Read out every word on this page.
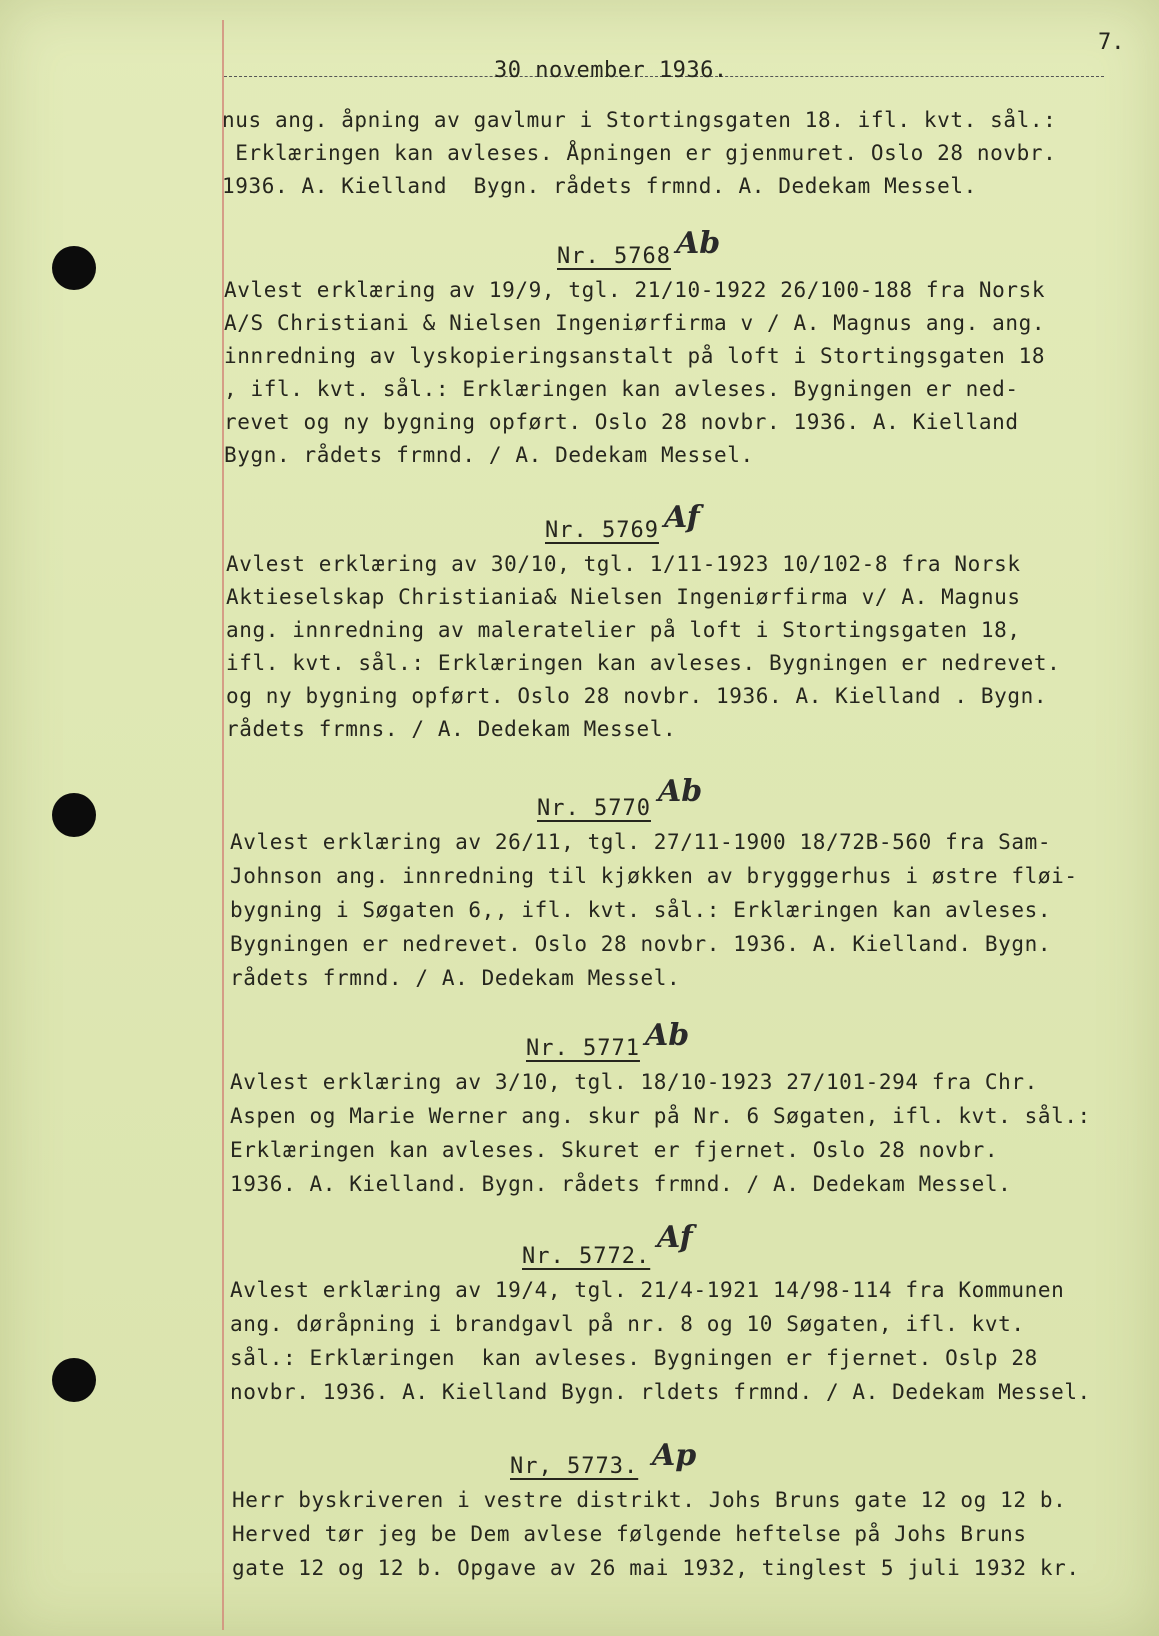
30 november 1936.
7.
nus ang. åpning av gavlmur i Stortingsgaten 18. ifl. kvt. sål.:
Erklæringen kan avleses. Åpningen er gjenmuret. Oslo 28 novbr.
1936. A. Kielland  Bygn. rådets frmnd. A. Dedekam Messel.
Nr. 5768 Ab
Avlest erklæring av 19/9, tgl. 21/10-1922 26/100-188 fra Norsk
A/S Christiani & Nielsen Ingeniørfirma v / A. Magnus ang. ang.
innredning av lyskopieringsanstalt på loft i Stortingsgaten 18
, ifl. kvt. sål.: Erklæringen kan avleses. Bygningen er ned-
revet og ny bygning opført. Oslo 28 novbr. 1936. A. Kielland
Bygn. rådets frmnd. / A. Dedekam Messel.
Nr. 5769 Af
Avlest erklæring av 30/10, tgl. 1/11-1923 10/102-8 fra Norsk
Aktieselskap Christiania& Nielsen Ingeniørfirma v/ A. Magnus
ang. innredning av maleratelier på loft i Stortingsgaten 18,
ifl. kvt. sål.: Erklæringen kan avleses. Bygningen er nedrevet.
og ny bygning opført. Oslo 28 novbr. 1936. A. Kielland . Bygn.
rådets frmns. / A. Dedekam Messel.
Nr. 5770 Ab
Avlest erklæring av 26/11, tgl. 27/11-1900 18/72B-560 fra Sam-
Johnson ang. innredning til kjøkken av brygggerhus i østre fløi-
bygning i Søgaten 6,, ifl. kvt. sål.: Erklæringen kan avleses.
Bygningen er nedrevet. Oslo 28 novbr. 1936. A. Kielland. Bygn.
rådets frmnd. / A. Dedekam Messel.
Nr. 5771 Ab
Avlest erklæring av 3/10, tgl. 18/10-1923 27/101-294 fra Chr.
Aspen og Marie Werner ang. skur på Nr. 6 Søgaten, ifl. kvt. sål.:
Erklæringen kan avleses. Skuret er fjernet. Oslo 28 novbr.
1936. A. Kielland. Bygn. rådets frmnd. / A. Dedekam Messel.
Nr. 5772.
Af
Avlest erklæring av 19/4, tgl. 21/4-1921 14/98-114 fra Kommunen
ang. døråpning i brandgavl på nr. 8 og 10 Søgaten, ifl. kvt.
sål.: Erklæringen  kan avleses. Bygningen er fjernet. Oslp 28
novbr. 1936. A. Kielland Bygn. rldets frmnd. / A. Dedekam Messel.
Nr, 5773. Ap
Herr byskriveren i vestre distrikt. Johs Bruns gate 12 og 12 b.
Herved tør jeg be Dem avlese følgende heftelse på Johs Bruns
gate 12 og 12 b. Opgave av 26 mai 1932, tinglest 5 juli 1932 kr.
